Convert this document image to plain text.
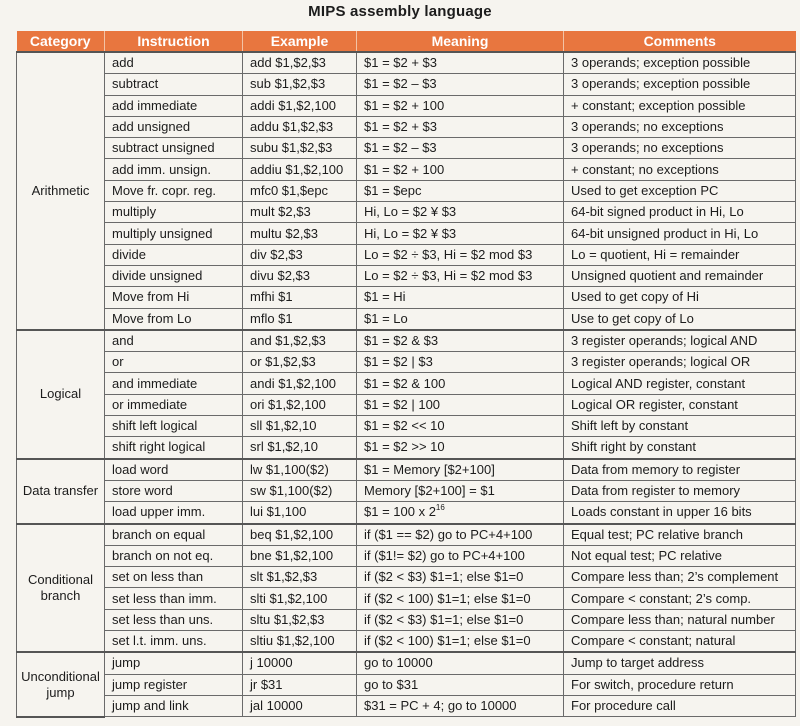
MIPS assembly language
Category	Instruction	Example	Meaning	Comments
Arithmetic	add	add $1,$2,$3	$1 = $2 + $3	3 operands; exception possible
	subtract	sub $1,$2,$3	$1 = $2 – $3	3 operands; exception possible
	add immediate	addi $1,$2,100	$1 = $2 + 100	+ constant; exception possible
	add unsigned	addu $1,$2,$3	$1 = $2 + $3	3 operands; no exceptions
	subtract unsigned	subu $1,$2,$3	$1 = $2 – $3	3 operands; no exceptions
	add imm. unsign.	addiu $1,$2,100	$1 = $2 + 100	+ constant; no exceptions
	Move fr. copr. reg.	mfc0 $1,$epc	$1 = $epc	Used to get exception PC
	multiply	mult $2,$3	Hi, Lo = $2 ¥ $3	64-bit signed product in Hi, Lo
	multiply unsigned	multu $2,$3	Hi, Lo = $2 ¥ $3	64-bit unsigned product in Hi, Lo
	divide	div $2,$3	Lo = $2 ÷ $3, Hi = $2 mod $3	Lo = quotient, Hi = remainder
	divide unsigned	divu $2,$3	Lo = $2 ÷ $3, Hi = $2 mod $3	Unsigned quotient and remainder
	Move from Hi	mfhi $1	$1 = Hi	Used to get copy of Hi
	Move from Lo	mflo $1	$1 = Lo	Use to get copy of Lo
Logical	and	and $1,$2,$3	$1 = $2 & $3	3 register operands; logical AND
	or	or $1,$2,$3	$1 = $2 | $3	3 register operands; logical OR
	and immediate	andi $1,$2,100	$1 = $2 & 100	Logical AND register, constant
	or immediate	ori $1,$2,100	$1 = $2 | 100	Logical OR register, constant
	shift left logical	sll $1,$2,10	$1 = $2 << 10	Shift left by constant
	shift right logical	srl $1,$2,10	$1 = $2 >> 10	Shift right by constant
Data transfer	load word	lw $1,100($2)	$1 = Memory [$2+100]	Data from memory to register
	store word	sw $1,100($2)	Memory [$2+100] = $1	Data from register to memory
	load upper imm.	lui $1,100	$1 = 100 x $2^{16}$	Loads constant in upper 16 bits
Conditional branch	branch on equal	beq $1,$2,100	if ($1 == $2) go to PC+4+100	Equal test; PC relative branch
	branch on not eq.	bne $1,$2,100	if ($1!= $2) go to PC+4+100	Not equal test; PC relative
	set on less than	slt $1,$2,$3	if ($2 < $3) $1=1; else $1=0	Compare less than; 2’s complement
	set less than imm.	slti $1,$2,100	if ($2 < 100) $1=1; else $1=0	Compare < constant; 2’s comp.
	set less than uns.	sltu $1,$2,$3	if ($2 < $3) $1=1; else $1=0	Compare less than; natural number
	set l.t. imm. uns.	sltiu $1,$2,100	if ($2 < 100) $1=1; else $1=0	Compare < constant; natural
Unconditional jump	jump	j 10000	go to 10000	Jump to target address
	jump register	jr $31	go to $31	For switch, procedure return
	jump and link	jal 10000	$31 = PC + 4; go to 10000	For procedure call
